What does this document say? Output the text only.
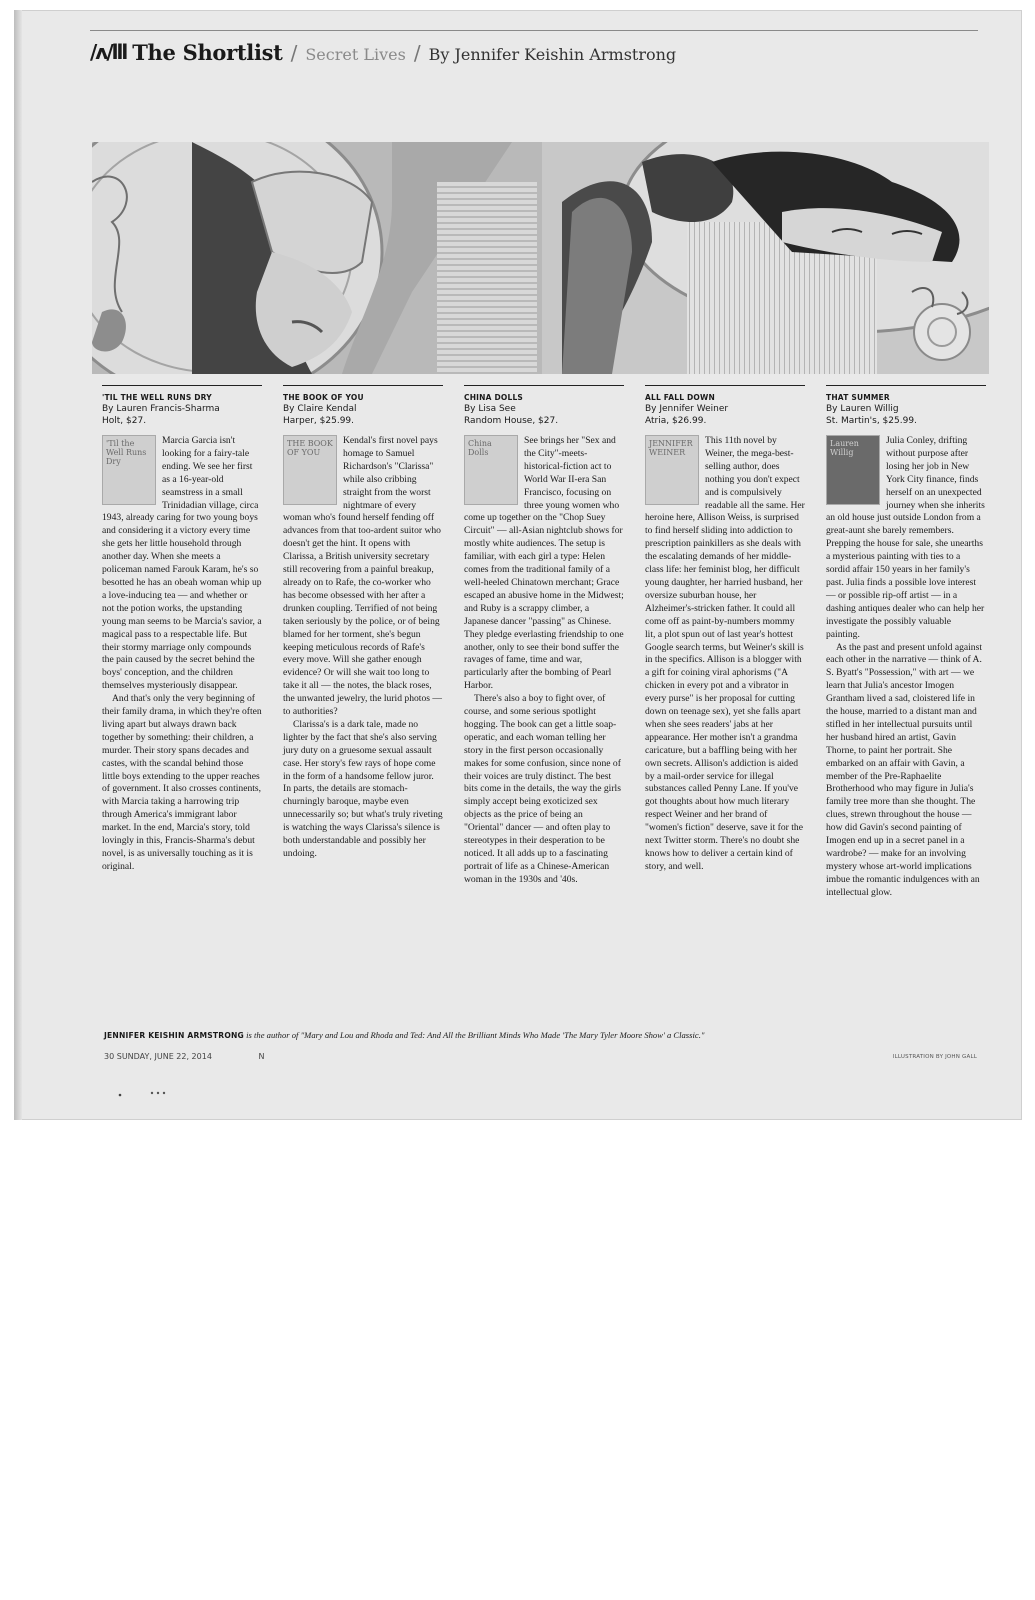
/ʌ/lll The Shortlist / Secret Lives / By Jennifer Keishin Armstrong
'TIL THE WELL RUNS DRY
By Lauren Francis-Sharma
Holt, $27.
'Til the Well Runs Dry

Marcia Garcia isn't looking for a fairy-tale ending. We see her first as a 16-year-old seamstress in a small Trinidadian village, circa 1943, already caring for two young boys and considering it a victory every time she gets her little household through another day. When she meets a policeman named Farouk Karam, he's so besotted he has an obeah woman whip up a love-inducing tea — and whether or not the potion works, the upstanding young man seems to be Marcia's savior, a magical pass to a respectable life. But their stormy marriage only compounds the pain caused by the secret behind the boys' conception, and the children themselves mysteriously disappear.

And that's only the very beginning of their family drama, in which they're often living apart but always drawn back together by something: their children, a murder. Their story spans decades and castes, with the scandal behind those little boys extending to the upper reaches of government. It also crosses continents, with Marcia taking a harrowing trip through America's immigrant labor market. In the end, Marcia's story, told lovingly in this, Francis-Sharma's debut novel, is as universally touching as it is original.

THE BOOK OF YOU
By Claire Kendal
Harper, $25.99.
THE BOOK OF YOU

Kendal's first novel pays homage to Samuel Richardson's "Clarissa" while also cribbing straight from the worst nightmare of every woman who's found herself fending off advances from that too-ardent suitor who doesn't get the hint. It opens with Clarissa, a British university secretary still recovering from a painful breakup, already on to Rafe, the co-worker who has become obsessed with her after a drunken coupling. Terrified of not being taken seriously by the police, or of being blamed for her torment, she's begun keeping meticulous records of Rafe's every move. Will she gather enough evidence? Or will she wait too long to take it all — the notes, the black roses, the unwanted jewelry, the lurid photos — to authorities?

Clarissa's is a dark tale, made no lighter by the fact that she's also serving jury duty on a gruesome sexual assault case. Her story's few rays of hope come in the form of a handsome fellow juror. In parts, the details are stomach-churningly baroque, maybe even unnecessarily so; but what's truly riveting is watching the ways Clarissa's silence is both understandable and possibly her undoing.

CHINA DOLLS
By Lisa See
Random House, $27.
China Dolls

See brings her "Sex and the City"-meets-historical-fiction act to World War II-era San Francisco, focusing on three young women who come up together on the "Chop Suey Circuit" — all-Asian nightclub shows for mostly white audiences. The setup is familiar, with each girl a type: Helen comes from the traditional family of a well-heeled Chinatown merchant; Grace escaped an abusive home in the Midwest; and Ruby is a scrappy climber, a Japanese dancer "passing" as Chinese. They pledge everlasting friendship to one another, only to see their bond suffer the ravages of fame, time and war, particularly after the bombing of Pearl Harbor.

There's also a boy to fight over, of course, and some serious spotlight hogging. The book can get a little soap-operatic, and each woman telling her story in the first person occasionally makes for some confusion, since none of their voices are truly distinct. The best bits come in the details, the way the girls simply accept being exoticized sex objects as the price of being an "Oriental" dancer — and often play to stereotypes in their desperation to be noticed. It all adds up to a fascinating portrait of life as a Chinese-American woman in the 1930s and '40s.

ALL FALL DOWN
By Jennifer Weiner
Atria, $26.99.
JENNIFER WEINER

This 11th novel by Weiner, the mega-best-selling author, does nothing you don't expect and is compulsively readable all the same. Her heroine here, Allison Weiss, is surprised to find herself sliding into addiction to prescription painkillers as she deals with the escalating demands of her middle-class life: her feminist blog, her difficult young daughter, her harried husband, her oversize suburban house, her Alzheimer's-stricken father. It could all come off as paint-by-numbers mommy lit, a plot spun out of last year's hottest Google search terms, but Weiner's skill is in the specifics. Allison is a blogger with a gift for coining viral aphorisms ("A chicken in every pot and a vibrator in every purse" is her proposal for cutting down on teenage sex), yet she falls apart when she sees readers' jabs at her appearance. Her mother isn't a grandma caricature, but a baffling being with her own secrets. Allison's addiction is aided by a mail-order service for illegal substances called Penny Lane. If you've got thoughts about how much literary respect Weiner and her brand of "women's fiction" deserve, save it for the next Twitter storm. There's no doubt she knows how to deliver a certain kind of story, and well.

THAT SUMMER
By Lauren Willig
St. Martin's, $25.99.
Lauren Willig

Julia Conley, drifting without purpose after losing her job in New York City finance, finds herself on an unexpected journey when she inherits an old house just outside London from a great-aunt she barely remembers. Prepping the house for sale, she unearths a mysterious painting with ties to a sordid affair 150 years in her family's past. Julia finds a possible love interest — or possible rip-off artist — in a dashing antiques dealer who can help her investigate the possibly valuable painting.

As the past and present unfold against each other in the narrative — think of A. S. Byatt's "Possession," with art — we learn that Julia's ancestor Imogen Grantham lived a sad, cloistered life in the house, married to a distant man and stifled in her intellectual pursuits until her husband hired an artist, Gavin Thorne, to paint her portrait. She embarked on an affair with Gavin, a member of the Pre-Raphaelite Brotherhood who may figure in Julia's family tree more than she thought. The clues, strewn throughout the house — how did Gavin's second painting of Imogen end up in a secret panel in a wardrobe? — make for an involving mystery whose art-world implications imbue the romantic indulgences with an intellectual glow.

JENNIFER KEISHIN ARMSTRONG is the author of "Mary and Lou and Rhoda and Ted: And All the Brilliant Minds Who Made 'The Mary Tyler Moore Show' a Classic."
30 SUNDAY, JUNE 22, 2014	N	ILLUSTRATION BY JOHN GALL
